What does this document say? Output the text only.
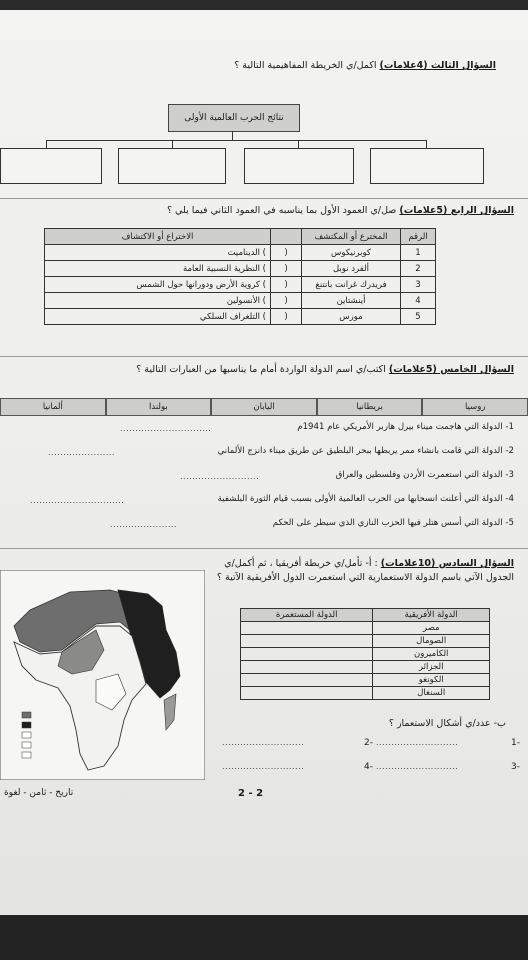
السؤال الثالث (4علامات) اكمل/ي الخريطة المفاهيمية التالية ؟
نتائج الحرب العالمية الأولى
السؤال الرابع (5علامات) صل/ي العمود الأول بما يناسبه في العمود الثاني فيما يلي ؟
الرقم	المخترع أو المكتشف		الاختراع أو الاكتشاف
1	كوبرنيكوس	(	) الديناميت
2	ألفرد نوبل	(	) النظرية النسبية العامة
3	فريدرك غرانت بانتنغ	(	) كروية الأرض ودورانها حول الشمس
4	أينشتاين	(	) الأنسولين
5	مورس	(	) التلغراف السلكي
السؤال الخامس (5علامات) اكتب/ي اسم الدولة الواردة أمام ما يناسبها من العبارات التالية ؟
روسيا
بريطانيا
اليابان
بولندا
ألمانيا
1- الدولة التي هاجمت ميناء بيرل هاربر الأمريكي عام 1941م
..............................
2- الدولة التي قامت بانشاء ممر يربطها ببحر البلطيق عن طريق ميناء دانزج الألماني
......................
3- الدولة التي استعمرت الأردن وفلسطين والعراق
..........................
4- الدولة التي أعلنت انسحابها من الحرب العالمية الأولى بسبب قيام الثورة البلشفية
...............................
5- الدولة التي أسس هتلر فيها الحزب النازي الذي سيطر على الحكم
......................
السؤال السادس (10علامات) : أ- تأمل/ي خريطة أفريقيا ، ثم أكمل/ي
الجدول الآتي باسم الدولة الاستعمارية التي استعمرت الدول الأفريقية الآتية ؟
الدولة الأفريقية	الدولة المستعمرة
مصر	
الصومال	
الكاميرون	
الجزائر	
الكونغو	
السنغال	
ب- عدد/ي أشكال الاستعمار ؟
1-
...........................
2-
...........................
3-
...........................
4-
...........................
2 - 2
تاريخ - ثامن - لغوة
